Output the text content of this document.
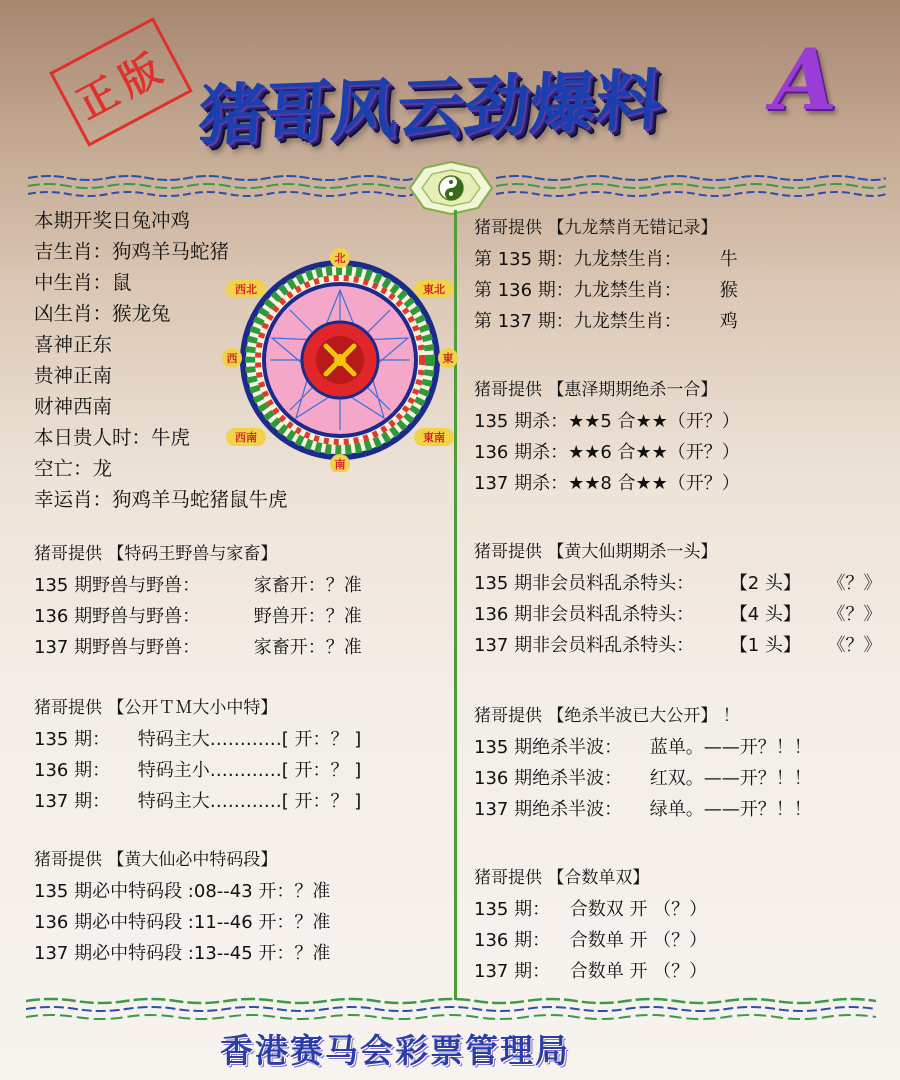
正版 猪哥风云劲爆料	A
本期开奖日兔冲鸡
吉生肖：狗鸡羊马蛇猪
中生肖：鼠
凶生肖：猴龙兔
喜神正东
贵神正南
财神西南
本日贵人时：牛虎
空亡：龙
幸运肖：狗鸡羊马蛇猪鼠牛虎
北
南
西	東
西北	東北
西南	東南
猪哥提供 【特码王野兽与家畜】
135 期野兽与野兽：	家畜开：？准
136 期野兽与野兽：	野兽开：？准
137 期野兽与野兽：	家畜开：？准
猪哥提供 【公开ＴＭ大小中特】
135 期： 特码主大…………[ 开：？ ]
136 期： 特码主小…………[ 开：？ ]
137 期： 特码主大…………[ 开：？ ]
猪哥提供 【黄大仙必中特码段】
135 期必中特码段 :08--43 开：？准
136 期必中特码段 :11--46 开：？准
137 期必中特码段 :13--45 开：？准
猪哥提供 【九龙禁肖无错记录】
第 135 期：九龙禁生肖： 牛
第 136 期：九龙禁生肖： 猴
第 137 期：九龙禁生肖： 鸡
猪哥提供 【惠泽期期绝杀一合】
135 期杀：★★5 合★★（开？）
136 期杀：★★6 合★★（开？）
137 期杀：★★8 合★★（开？）
猪哥提供 【黄大仙期期杀一头】
135 期非会员料乱杀特头： 【2 头】 《？》
136 期非会员料乱杀特头： 【4 头】 《？》
137 期非会员料乱杀特头： 【1 头】 《？》
猪哥提供 【绝杀半波已大公开】 ！
135 期绝杀半波： 蓝单。——开？！！
136 期绝杀半波： 红双。——开？！！
137 期绝杀半波： 绿单。——开？！！
猪哥提供 【合数单双】
135 期： 合数双 开 （？）
136 期： 合数单 开 （？）
137 期： 合数单 开 （？）
香港赛马会彩票管理局
